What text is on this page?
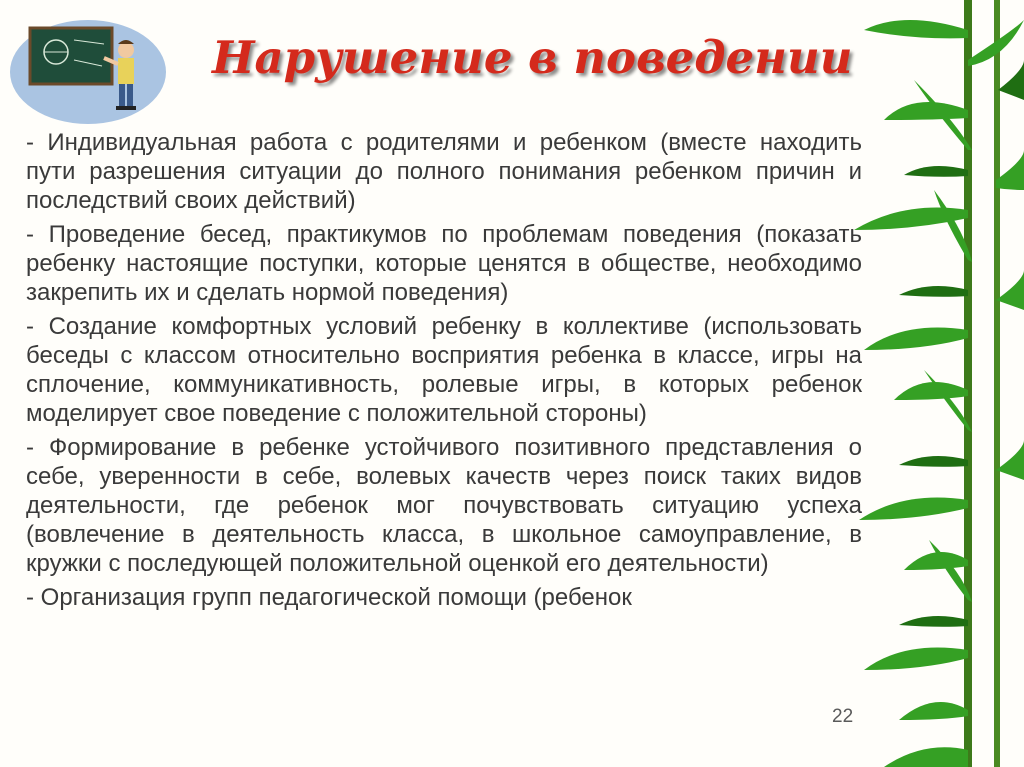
Нарушение в поведении

- Индивидуальная работа с родителями и ребенком (вместе находить пути разрешения ситуации до полного понимания ребенком причин и последствий своих действий)

- Проведение бесед, практикумов по проблемам поведения (показать ребенку настоящие поступки, которые ценятся в обществе, необходимо закрепить их и сделать нормой поведения)

- Создание комфортных условий ребенку в коллективе (использовать беседы с классом относительно восприятия ребенка в классе, игры на сплочение, коммуникативность, ролевые игры, в которых ребенок моделирует свое поведение с положительной стороны)

- Формирование в ребенке устойчивого позитивного представления о себе, уверенности в себе, волевых качеств через поиск таких видов деятельности, где ребенок мог почувствовать ситуацию успеха (вовлечение в деятельность класса, в школьное самоуправление, в кружки с последующей положительной оценкой его деятельности)

- Организация групп педагогической помощи (ребенок

22
